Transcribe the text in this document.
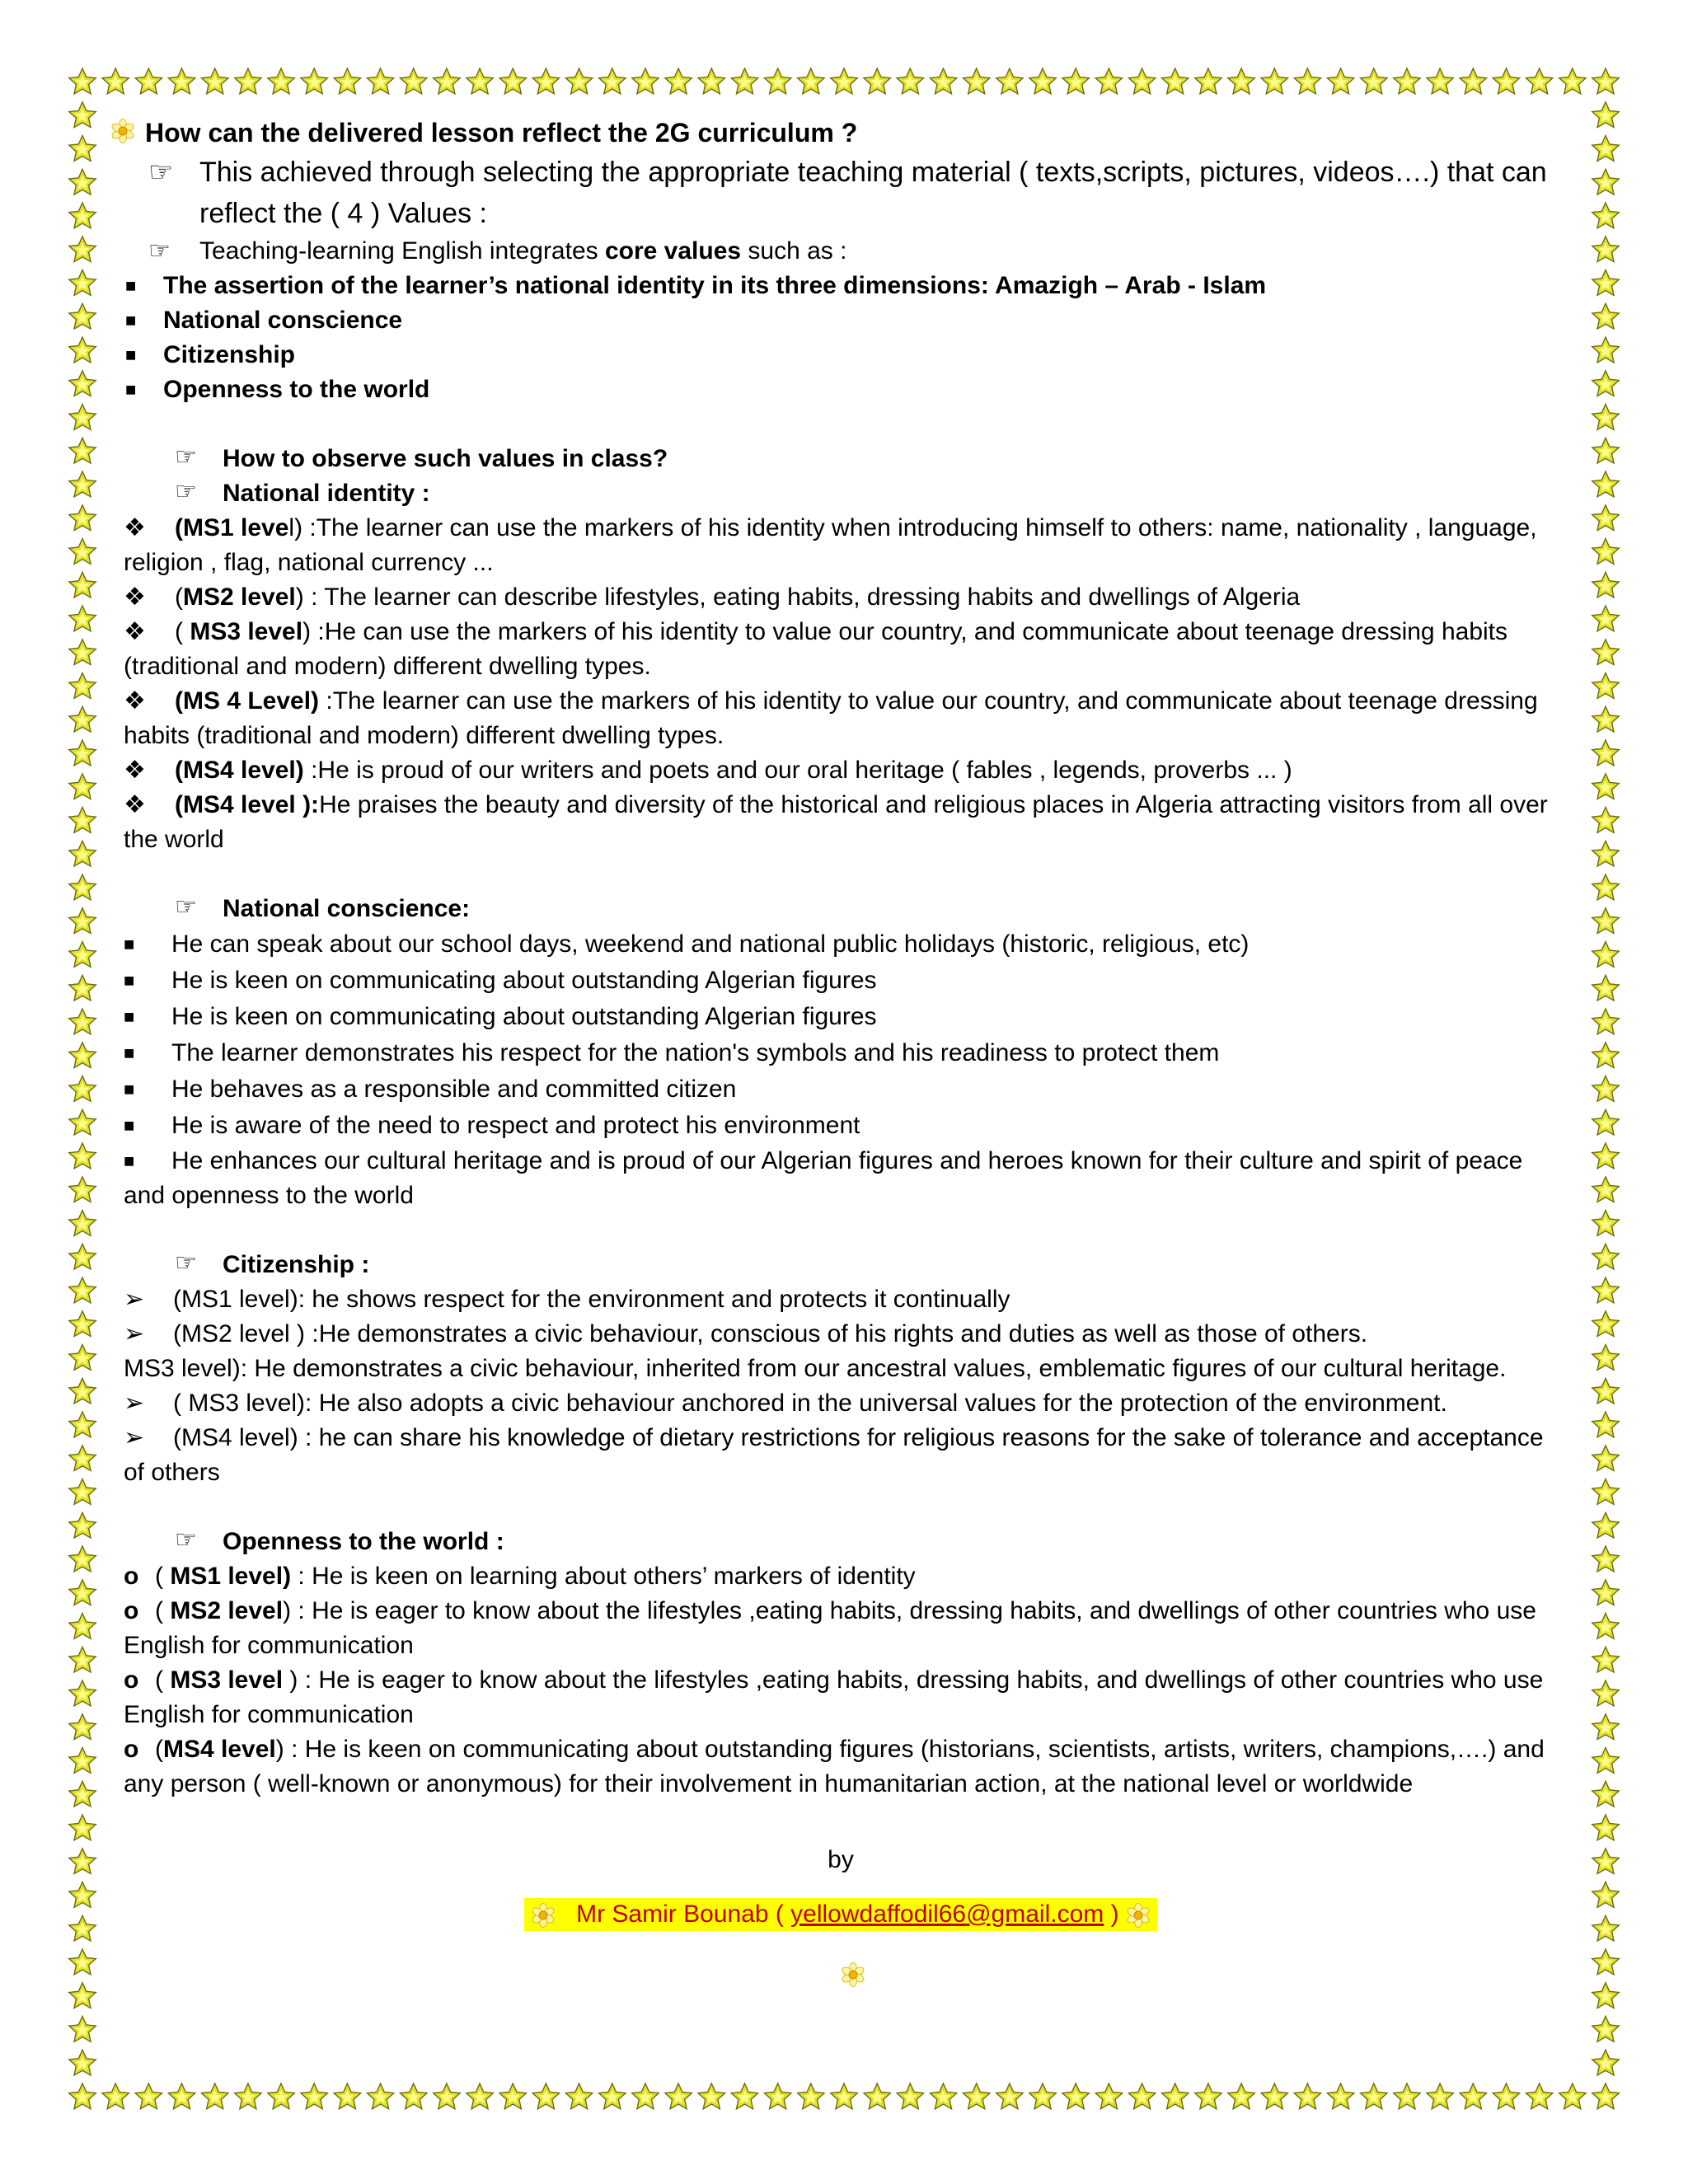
How can the delivered lesson reflect the 2G curriculum ?
☞ This achieved through selecting the appropriate teaching material ( texts,scripts, pictures, videos….) that can reflect the ( 4 ) Values :
☞ Teaching-learning English integrates core values such as :
■ The assertion of the learner’s national identity in its three dimensions: Amazigh – Arab - Islam
■ National conscience
■ Citizenship
■ Openness to the world
☞ How to observe such values in class?
☞ National identity :
❖ (MS1 level) :The learner can use the markers of his identity when introducing himself to others: name, nationality , language, religion , flag, national currency ...
❖ (MS2 level) : The learner can describe lifestyles, eating habits, dressing habits and dwellings of Algeria
❖ ( MS3 level) :He can use the markers of his identity to value our country, and communicate about teenage dressing habits (traditional and modern) different dwelling types.
❖ (MS 4 Level) :The learner can use the markers of his identity to value our country, and communicate about teenage dressing habits (traditional and modern) different dwelling types.
❖ (MS4 level) :He is proud of our writers and poets and our oral heritage ( fables , legends, proverbs ... )
❖ (MS4 level ):He praises the beauty and diversity of the historical and religious places in Algeria attracting visitors from all over the world
☞ National conscience:
■ He can speak about our school days, weekend and national public holidays (historic, religious, etc)
■ He is keen on communicating about outstanding Algerian figures
■ He is keen on communicating about outstanding Algerian figures
■ The learner demonstrates his respect for the nation's symbols and his readiness to protect them
■ He behaves as a responsible and committed citizen
■ He is aware of the need to respect and protect his environment
■ He enhances our cultural heritage and is proud of our Algerian figures and heroes known for their culture and spirit of peace and openness to the world
☞ Citizenship :
➢ (MS1 level): he shows respect for the environment and protects it continually
➢ (MS2 level ) :He demonstrates a civic behaviour, conscious of his rights and duties as well as those of others.
MS3 level): He demonstrates a civic behaviour, inherited from our ancestral values, emblematic figures of our cultural heritage.
➢ ( MS3 level): He also adopts a civic behaviour anchored in the universal values for the protection of the environment.
➢ (MS4 level) : he can share his knowledge of dietary restrictions for religious reasons for the sake of tolerance and acceptance of others
☞ Openness to the world :
o ( MS1 level) : He is keen on learning about others’ markers of identity
o ( MS2 level) : He is eager to know about the lifestyles ,eating habits, dressing habits, and dwellings of other countries who use English for communication
o ( MS3 level ) : He is eager to know about the lifestyles ,eating habits, dressing habits, and dwellings of other countries who use English for communication
o (MS4 level) : He is keen on communicating about outstanding figures (historians, scientists, artists, writers, champions,….) and any person ( well-known or anonymous) for their involvement in humanitarian action, at the national level or worldwide
by
Mr Samir Bounab ( yellowdaffodil66@gmail.com )
